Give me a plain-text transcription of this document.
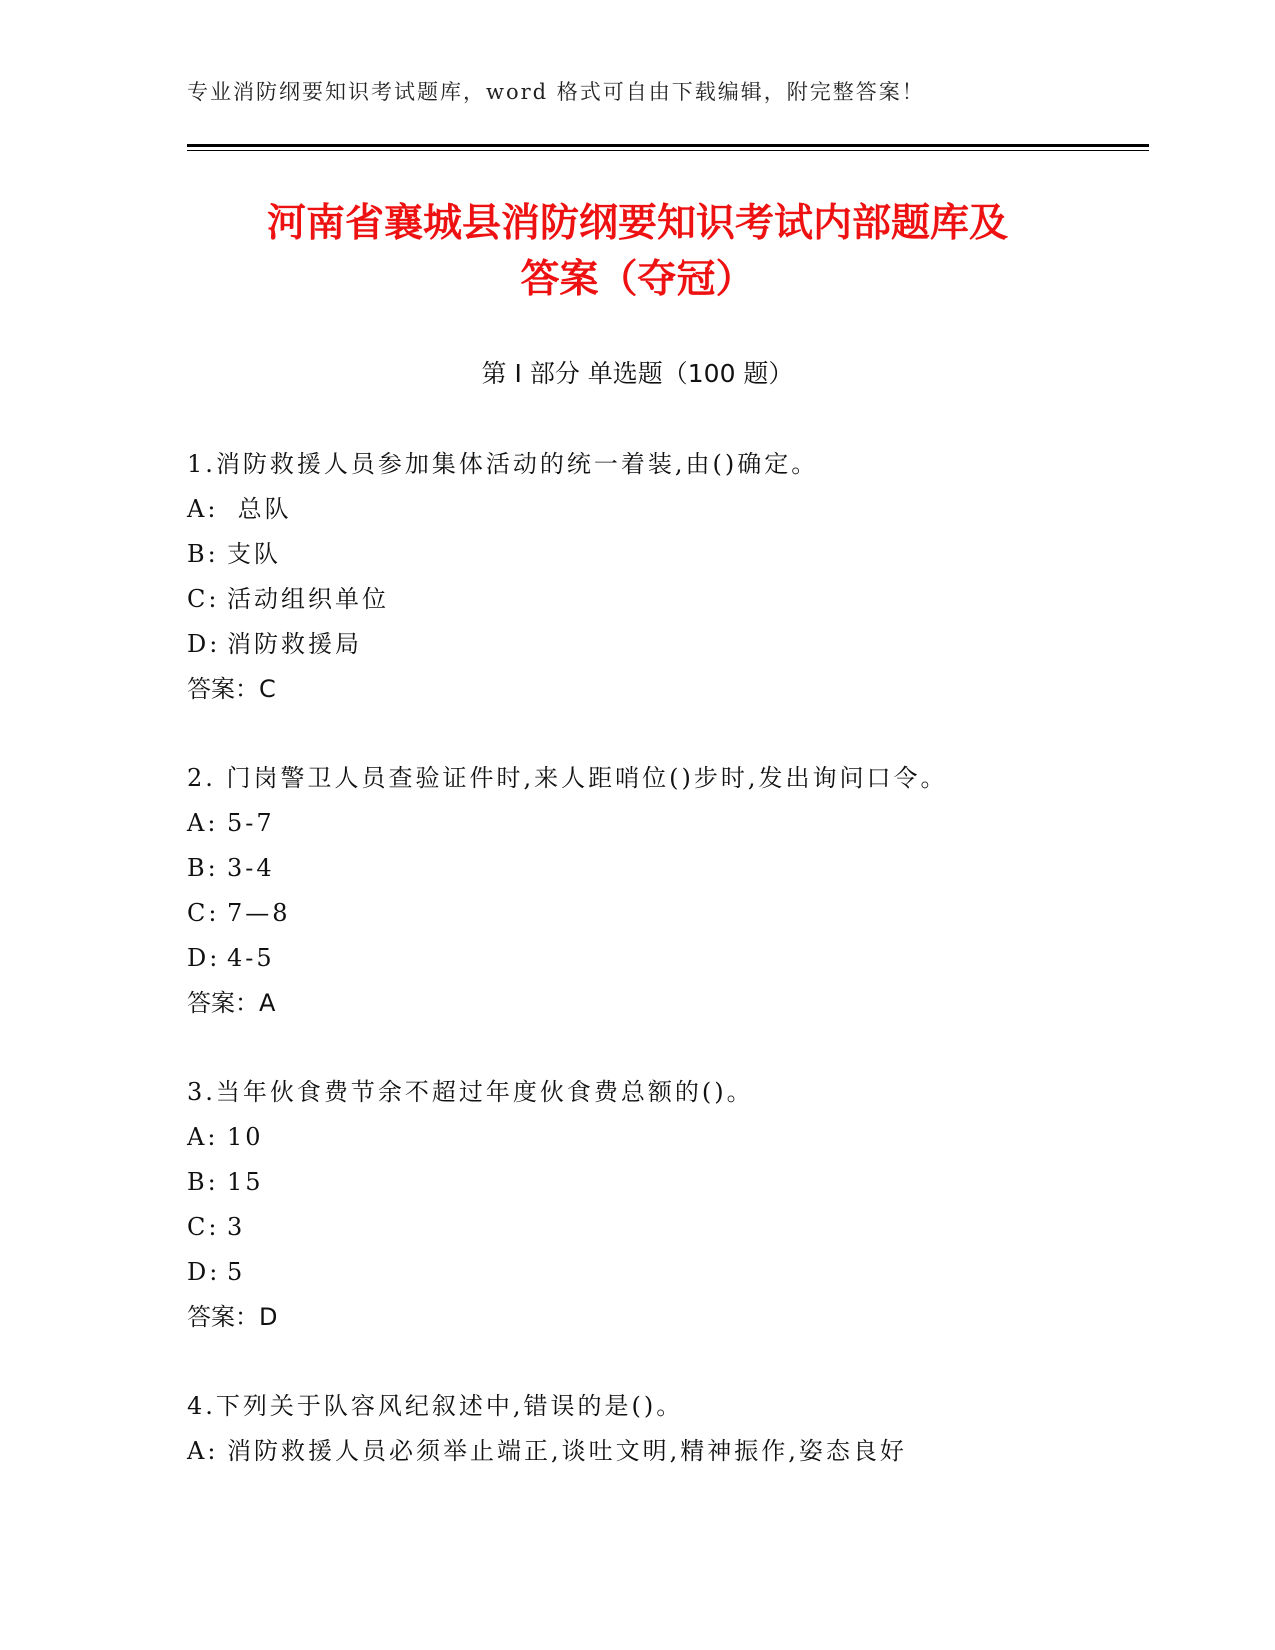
专业消防纲要知识考试题库，word 格式可自由下载编辑，附完整答案！
河南省襄城县消防纲要知识考试内部题库及
答案（夺冠）
第 I 部分 单选题（100 题）
1.消防救援人员参加集体活动的统一着装,由()确定。
A: 总队
B: 支队
C: 活动组织单位
D: 消防救援局
答案：C
2. 门岗警卫人员查验证件时,来人距哨位()步时,发出询问口令。
A: 5-7
B: 3-4
C: 7—8
D: 4-5
答案：A
3.当年伙食费节余不超过年度伙食费总额的()。
A: 10
B: 15
C: 3
D: 5
答案：D
4.下列关于队容风纪叙述中,错误的是()。
A: 消防救援人员必须举止端正,谈吐文明,精神振作,姿态良好
